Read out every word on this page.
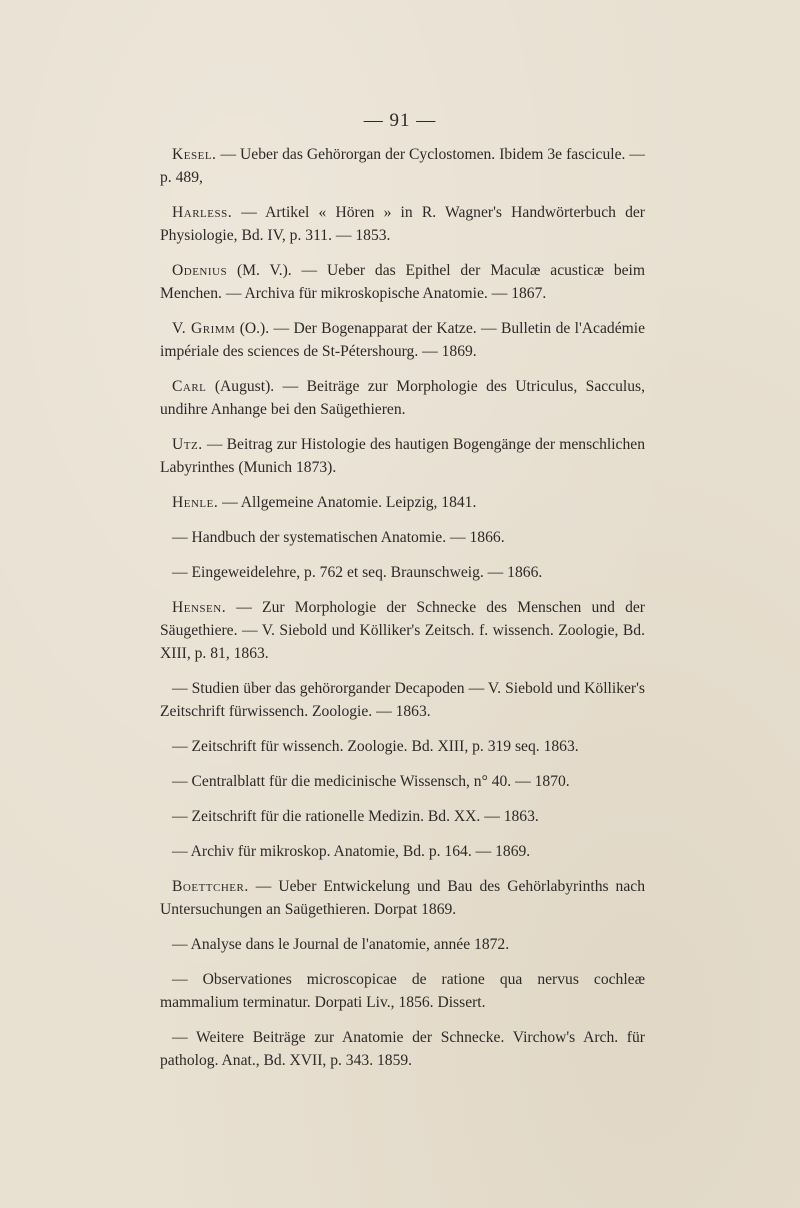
— 91 —

Kesel. — Ueber das Gehörorgan der Cyclostomen. Ibidem 3e fascicule. — p. 489,

Harless. — Artikel « Hören » in R. Wagner's Handwörterbuch der Physiologie, Bd. IV, p. 311. — 1853.

Odenius (M. V.). — Ueber das Epithel der Maculæ acusticæ beim Menchen. — Archiva für mikroskopische Anatomie. — 1867.

V. Grimm (O.). — Der Bogenapparat der Katze. — Bulletin de l'Académie impériale des sciences de St-Pétershourg. — 1869.

Carl (August). — Beiträge zur Morphologie des Utriculus, Sacculus, undihre Anhange bei den Saügethieren.

Utz. — Beitrag zur Histologie des hautigen Bogengänge der menschlichen Labyrinthes (Munich 1873).

Henle. — Allgemeine Anatomie. Leipzig, 1841.

— Handbuch der systematischen Anatomie. — 1866.

— Eingeweidelehre, p. 762 et seq. Braunschweig. — 1866.

Hensen. — Zur Morphologie der Schnecke des Menschen und der Säugethiere. — V. Siebold und Kölliker's Zeitsch. f. wissench. Zoologie, Bd. XIII, p. 81, 1863.

— Studien über das gehörorgander Decapoden — V. Siebold und Kölliker's Zeitschrift fürwissench. Zoologie. — 1863.

— Zeitschrift für wissench. Zoologie. Bd. XIII, p. 319 seq. 1863.

— Centralblatt für die medicinische Wissensch, n° 40. — 1870.

— Zeitschrift für die rationelle Medizin. Bd. XX. — 1863.

— Archiv für mikroskop. Anatomie, Bd. p. 164. — 1869.

Boettcher. — Ueber Entwickelung und Bau des Gehörlabyrinths nach Untersuchungen an Saügethieren. Dorpat 1869.

— Analyse dans le Journal de l'anatomie, année 1872.

— Observationes microscopicae de ratione qua nervus cochleæ mammalium terminatur. Dorpati Liv., 1856. Dissert.

— Weitere Beiträge zur Anatomie der Schnecke. Virchow's Arch. für patholog. Anat., Bd. XVII, p. 343. 1859.
